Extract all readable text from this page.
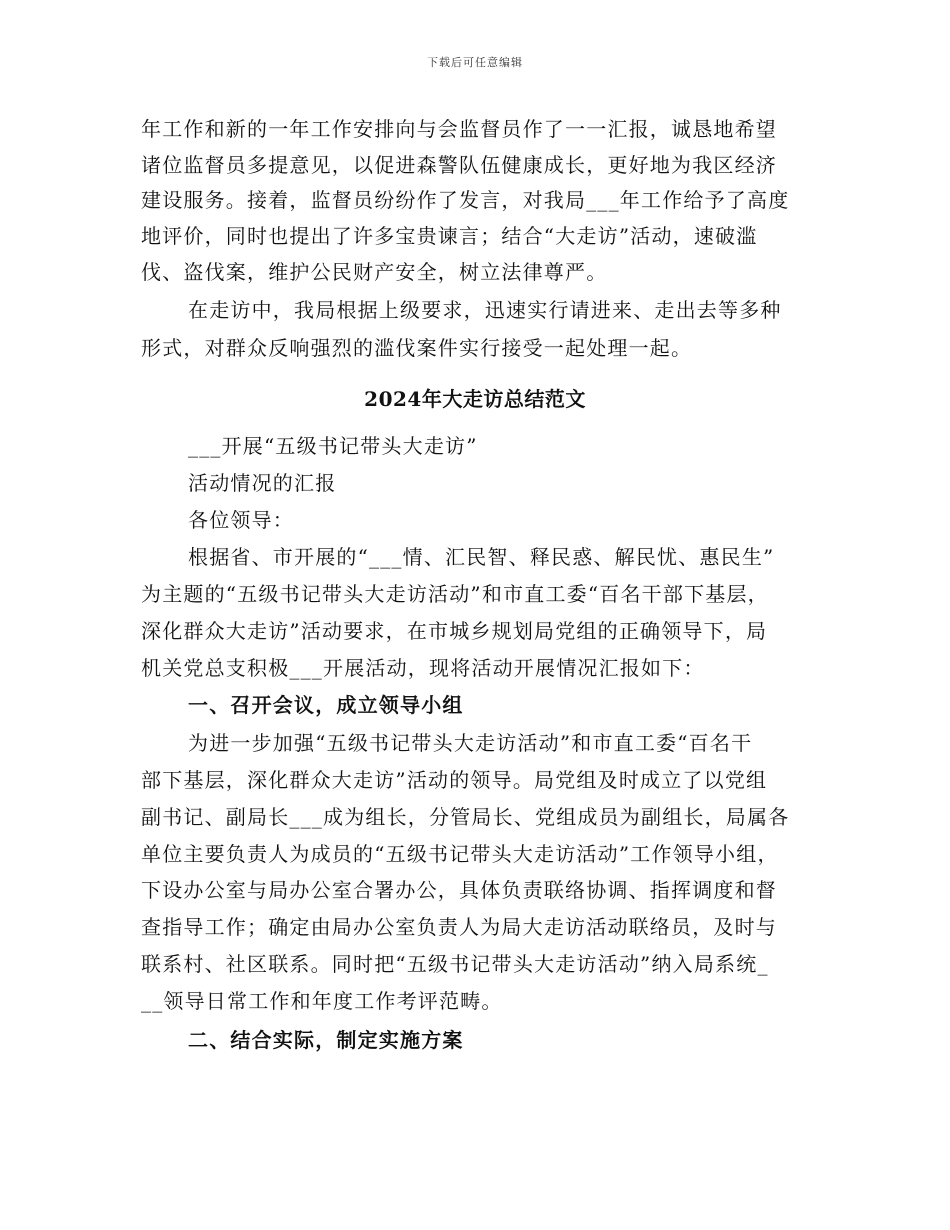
下载后可任意编辑
年工作和新的一年工作安排向与会监督员作了一一汇报，诚恳地希望
诸位监督员多提意见，以促进森警队伍健康成长，更好地为我区经济
建设服务。接着，监督员纷纷作了发言，对我局___年工作给予了高度
地评价，同时也提出了许多宝贵谏言；结合“大走访”活动，速破滥
伐、盗伐案，维护公民财产安全，树立法律尊严。
在走访中，我局根据上级要求，迅速实行请进来、走出去等多种
形式，对群众反响强烈的滥伐案件实行接受一起处理一起。
2024年大走访总结范文
___开展“五级书记带头大走访”
活动情况的汇报
各位领导：
根据省、市开展的“___情、汇民智、释民惑、解民忧、惠民生”
为主题的“五级书记带头大走访活动”和市直工委“百名干部下基层，
深化群众大走访”活动要求，在市城乡规划局党组的正确领导下，局
机关党总支积极___开展活动，现将活动开展情况汇报如下：
一、召开会议，成立领导小组
为进一步加强“五级书记带头大走访活动”和市直工委“百名干
部下基层，深化群众大走访”活动的领导。局党组及时成立了以党组
副书记、副局长___成为组长，分管局长、党组成员为副组长，局属各
单位主要负责人为成员的“五级书记带头大走访活动”工作领导小组，
下设办公室与局办公室合署办公，具体负责联络协调、指挥调度和督
查指导工作；确定由局办公室负责人为局大走访活动联络员，及时与
联系村、社区联系。同时把“五级书记带头大走访活动”纳入局系统_
__领导日常工作和年度工作考评范畴。
二、结合实际，制定实施方案
